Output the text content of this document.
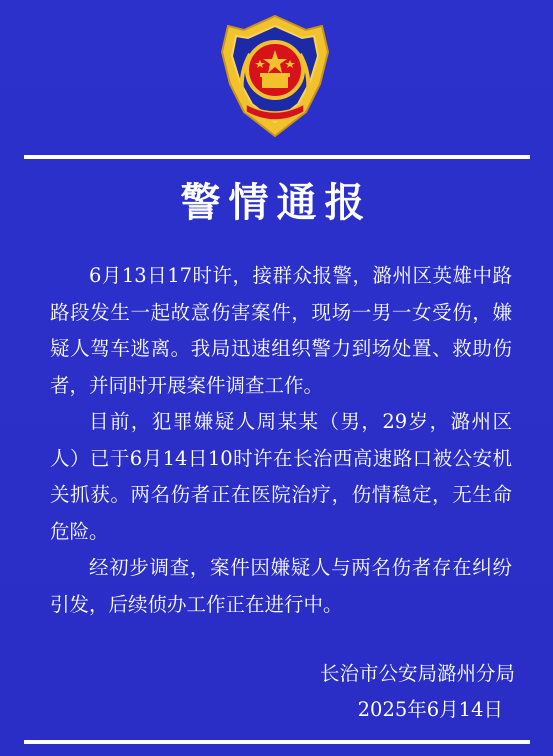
警情通报

6月13日17时许，接群众报警，潞州区英雄中路路段发生一起故意伤害案件，现场一男一女受伤，嫌疑人驾车逃离。我局迅速组织警力到场处置、救助伤者，并同时开展案件调查工作。

目前，犯罪嫌疑人周某某（男，29岁，潞州区人）已于6月14日10时许在长治西高速路口被公安机关抓获。两名伤者正在医院治疗，伤情稳定，无生命危险。

经初步调查，案件因嫌疑人与两名伤者存在纠纷引发，后续侦办工作正在进行中。

长治市公安局潞州分局
2025年6月14日
